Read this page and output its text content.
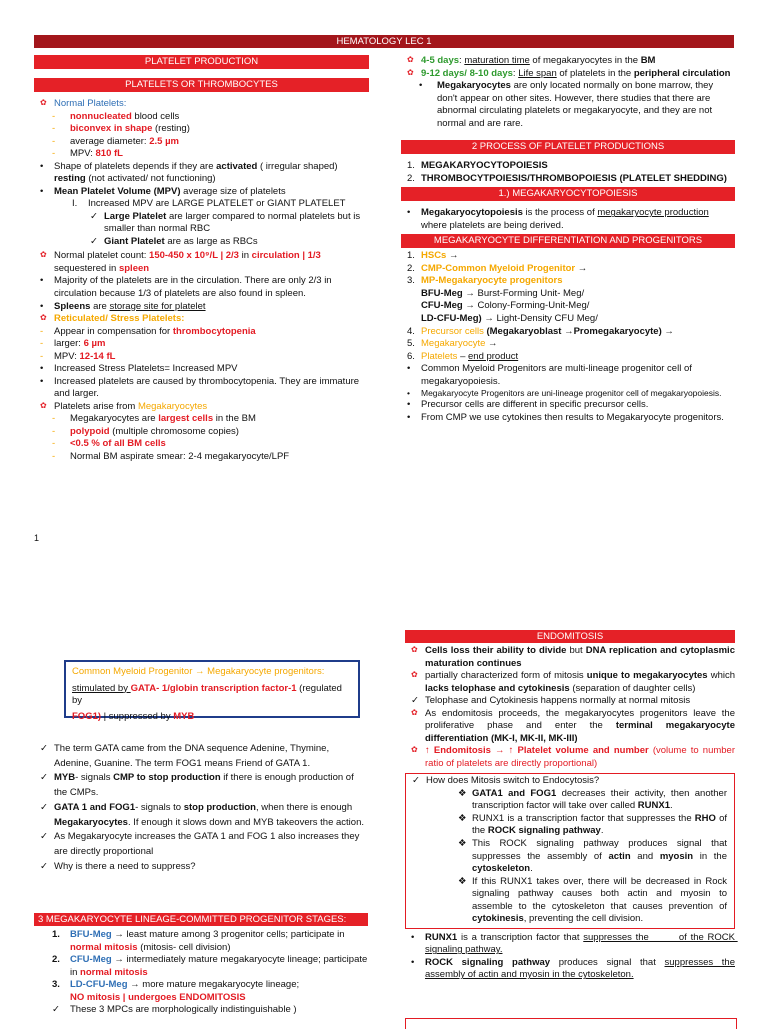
HEMATOLOGY LEC 1
PLATELET PRODUCTION
PLATELETS OR THROMBOCYTES
✿ Normal Platelets:
- nonnucleated blood cells
- biconvex in shape (resting)
- average diameter: 2.5 µm
- MPV: 810 fL
• Shape of platelets depends if they are activated ( irregular shaped) resting (not activated/ not functioning)
• Mean Platelet Volume (MPV) average size of platelets
I. Increased MPV are LARGE PLATELET or GIANT PLATELET
✓ Large Platelet are larger compared to normal platelets but is smaller than normal RBC
✓ Giant Platelet are as large as RBCs
✿ Normal platelet count: 150-450 x 10⁹/L | 2/3 in circulation | 1/3 sequestered in spleen
• Majority of the platelets are in the circulation. There are only 2/3 in circulation because 1/3 of platelets are also found in spleen.
• Spleens are storage site for platelet
✿ Reticulated/ Stress Platelets:
- Appear in compensation for thrombocytopenia
- larger: 6 µm
- MPV: 12-14 fL
• Increased Stress Platelets= Increased MPV
• Increased platelets are caused by thrombocytopenia. They are immature and larger.
✿ Platelets arise from Megakaryocytes
- Megakaryocytes are largest cells in the BM
- polypoid (multiple chromosome copies)
- <0.5 % of all BM cells
- Normal BM aspirate smear: 2-4 megakaryocyte/LPF
✿ 4-5 days: maturation time of megakaryocytes in the BM
✿ 9-12 days/ 8-10 days: Life span of platelets in the peripheral circulation
• Megakaryocytes are only located normally on bone marrow, they don't appear on other sites. However, there studies that there are abnormal circulating platelets or megakaryocyte, and they are not normal and are rare.
2 PROCESS OF PLATELET PRODUCTIONS
1. MEGAKARYOCYTOPOIESIS
2. THROMBOCYTPOIESIS/THROMBOPOIESIS (PLATELET SHEDDING)
1.) MEGAKARYOCYTOPOIESIS
• Megakaryocytopoiesis is the process of megakaryocyte production where platelets are being derived.
MEGAKARYOCYTE DIFFERENTIATION AND PROGENITORS
1. HSCs →
2. CMP-Common Myeloid Progenitor →
3. MP-Megakaryocyte progenitors
BFU-Meg → Burst-Forming Unit- Meg/
CFU-Meg → Colony-Forming-Unit-Meg/
LD-CFU-Meg) → Light-Density CFU Meg/
4. Precursor cells (Megakaryoblast →Promegakaryocyte) →
5. Megakaryocyte →
6. Platelets – end product
• Common Myeloid Progenitors are multi-lineage progenitor cell of megakaryopoiesis.
• Megakaryocyte Progenitors are uni-lineage progenitor cell of megakaryopoiesis.
• Precursor cells are different in specific precursor cells.
• From CMP we use cytokines then results to Megakaryocyte progenitors.
1
Common Myeloid Progenitor → Megakaryocyte progenitors:
stimulated by GATA- 1/globin transcription factor-1 (regulated by
FOG1) | suppressed by MYB
✓ The term GATA came from the DNA sequence Adenine, Thymine, Adenine, Guanine. The term FOG1 means Friend of GATA 1.
✓ MYB- signals CMP to stop production if there is enough production of the CMPs.
✓ GATA 1 and FOG1- signals to stop production, when there is enough Megakaryocytes. If enough it slows down and MYB takeovers the action.
✓ As Megakaryocyte increases the GATA 1 and FOG 1 also increases they are directly proportional
✓ Why is there a need to suppress?
3 MEGAKARYOCYTE LINEAGE-COMMITTED PROGENITOR STAGES:
1. BFU-Meg → least mature among 3 progenitor cells; participate in normal mitosis (mitosis- cell division)
2. CFU-Meg → intermediately mature megakaryocyte lineage; participate in normal mitosis
3. LD-CFU-Meg → more mature megakaryocyte lineage;
NO mitosis | undergoes ENDOMITOSIS
✓ These 3 MPCs are morphologically indistinguishable )
ENDOMITOSIS
✿ Cells loss their ability to divide but DNA replication and cytoplasmic maturation continues
✿ partially characterized form of mitosis unique to megakaryocytes which lacks telophase and cytokinesis (separation of daughter cells)
✓ Telophase and Cytokinesis happens normally at normal mitosis
✿ As endomitosis proceeds, the megakaryocytes progenitors leave the proliferative phase and enter the terminal megakaryocyte differentiation (MK-I, MK-II, MK-III)
✿ ↑ Endomitosis → ↑ Platelet volume and number (volume to number ratio of platelets are directly proportional)
✓ How does Mitosis switch to Endocytosis?
❖ GATA1 and FOG1 decreases their activity, then another transcription factor will take over called RUNX1.
❖ RUNX1 is a transcription factor that suppresses the RHO of the ROCK signaling pathway.
❖ This ROCK signaling pathway produces signal that suppresses the assembly of actin and myosin in the cytoskeleton.
❖ If this RUNX1 takes over, there will be decreased in Rock signaling pathway causes both actin and myosin to assemble to the cytoskeleton that causes prevention of cytokinesis, preventing the cell division.
• RUNX1 is a transcription factor that suppresses the        of the ROCK signaling pathway.
• ROCK signaling pathway produces signal that suppresses the assembly of actin and myosin in the cytoskeleton.
